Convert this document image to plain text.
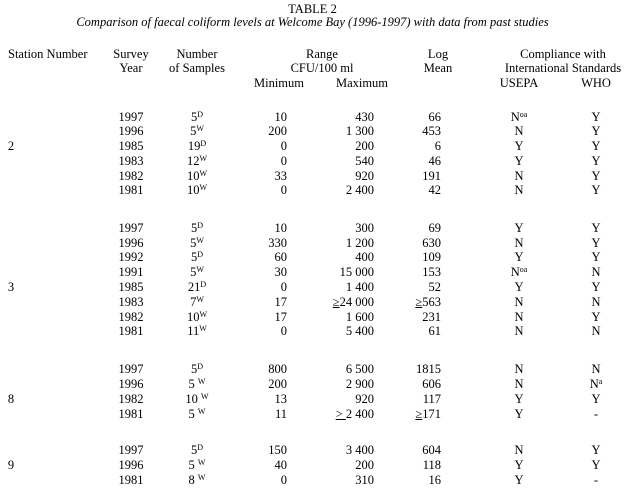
TABLE 2
Comparison of faecal coliform levels at Welcome Bay (1996-1997) with data from past studies
Station Number Survey
Year
Number
of Samples
Range
CFU/100 ml
Minimum	Maximum
Log
Mean
Compliance with
International Standards
USEPA	WHO
1997	$5^D$	10	430	66	$N^{oa}$	Y
1996	$5^W$	200	1 300	453	N	Y
2	1985	$19^D$	0	200	6	Y	Y
1983	$12^W$	0	540	46	Y	Y
1982	$10^W$	33	920	191	N	Y
1981	$10^W$	0	2 400	42	N	Y
1997	$5^D$	10	300	69	Y	Y
1996	$5^W$	330	1 200	630	N	Y
1992	$5^D$	60	400	109	Y	Y
1991	$5^W$	30	15 000	153	$N^{oa}$	N
3	1985	$21^D$	0	1 400	52	Y	Y
1983	$7^W$	17	≥24 000	≥563	N	N
1982	$10^W$	17	1 600	231	N	Y
1981	$11^W$	0	5 400	61	N	N
1997	$5^D$	800	6 500	1815	N	N
1996	5 $^W$	200	2 900	606	N	$N^a$
8	1982	10 $^W$	13	920	117	Y	Y
1981	5 $^W$	11	> 2 400	≥171	Y	-
1997	$5^D$	150	3 400	604	N	Y
9	1996	5 $^W$	40	200	118	Y	Y
1981	8 $^W$	0	310	16	Y	-
